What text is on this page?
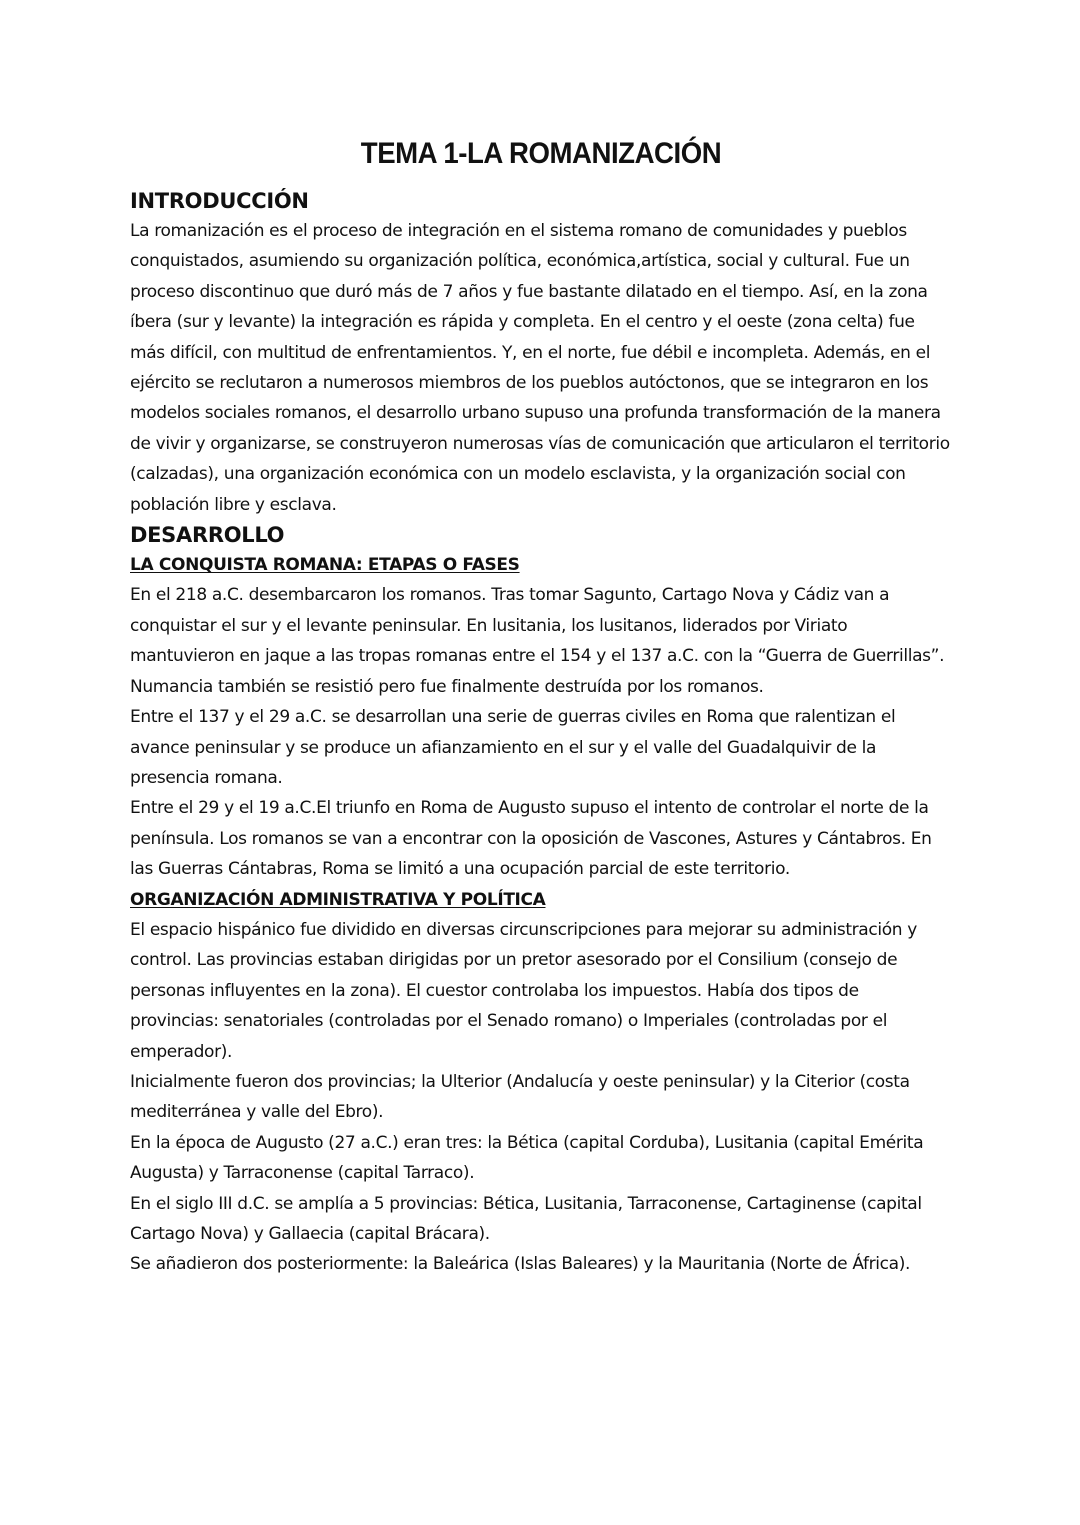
TEMA 1-LA ROMANIZACIÓN
INTRODUCCIÓN

La romanización es el proceso de integración en el sistema romano de comunidades y pueblos conquistados, asumiendo su organización política, económica,artística, social y cultural. Fue un proceso discontinuo que duró más de 7 años y fue bastante dilatado en el tiempo. Así, en la zona íbera (sur y levante) la integración es rápida y completa. En el centro y el oeste (zona celta) fue más difícil, con multitud de enfrentamientos. Y, en el norte, fue débil e incompleta. Además, en el ejército se reclutaron a numerosos miembros de los pueblos autóctonos, que se integraron en los modelos sociales romanos, el desarrollo urbano supuso una profunda transformación de la manera de vivir y organizarse, se construyeron numerosas vías de comunicación que articularon el territorio (calzadas), una organización económica con un modelo esclavista, y la organización social con población libre y esclava.

DESARROLLO
LA CONQUISTA ROMANA: ETAPAS O FASES

En el 218 a.C. desembarcaron los romanos. Tras tomar Sagunto, Cartago Nova y Cádiz van a conquistar el sur y el levante peninsular. En lusitania, los lusitanos, liderados por Viriato mantuvieron en jaque a las tropas romanas entre el 154 y el 137 a.C. con la “Guerra de Guerrillas”. Numancia también se resistió pero fue finalmente destruída por los romanos.

Entre el 137 y el 29 a.C. se desarrollan una serie de guerras civiles en Roma que ralentizan el avance peninsular y se produce un afianzamiento en el sur y el valle del Guadalquivir de la presencia romana.

Entre el 29 y el 19 a.C.El triunfo en Roma de Augusto supuso el intento de controlar el norte de la península. Los romanos se van a encontrar con la oposición de Vascones, Astures y Cántabros. En las Guerras Cántabras, Roma se limitó a una ocupación parcial de este territorio.

ORGANIZACIÓN ADMINISTRATIVA Y POLÍTICA

El espacio hispánico fue dividido en diversas circunscripciones para mejorar su administración y control. Las provincias estaban dirigidas por un pretor asesorado por el Consilium (consejo de personas influyentes en la zona). El cuestor controlaba los impuestos. Había dos tipos de provincias: senatoriales (controladas por el Senado romano) o Imperiales (controladas por el emperador).

Inicialmente fueron dos provincias; la Ulterior (Andalucía y oeste peninsular) y la Citerior (costa mediterránea y valle del Ebro).

En la época de Augusto (27 a.C.) eran tres: la Bética (capital Corduba), Lusitania (capital Emérita Augusta) y Tarraconense (capital Tarraco).

En el siglo III d.C. se amplía a 5 provincias: Bética, Lusitania, Tarraconense, Cartaginense (capital Cartago Nova) y Gallaecia (capital Brácara).

Se añadieron dos posteriormente: la Baleárica (Islas Baleares) y la Mauritania (Norte de África).
